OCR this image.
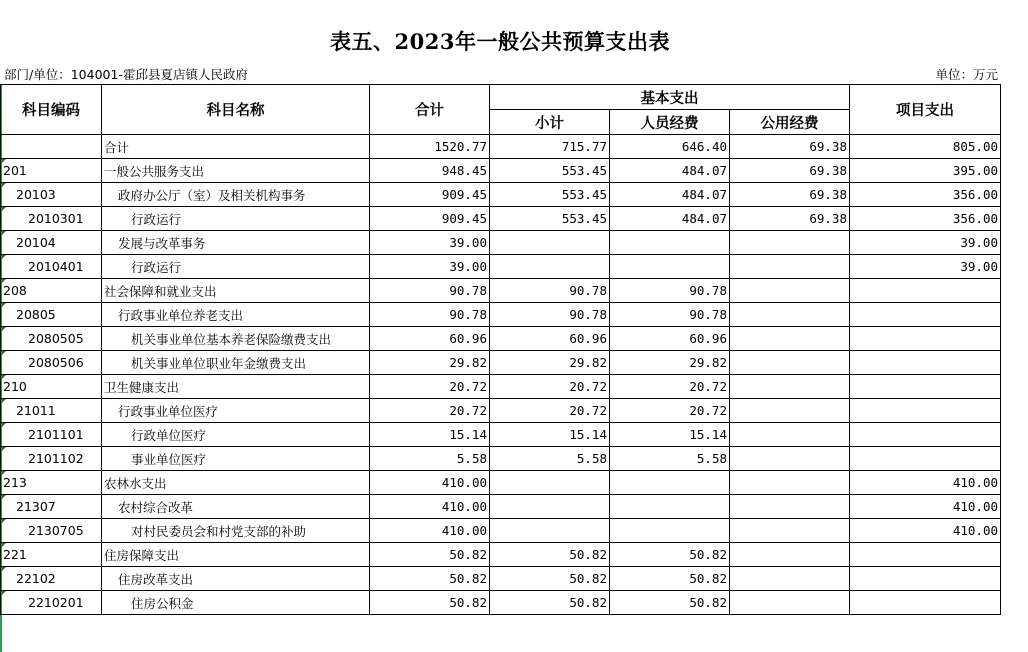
表五、2023年一般公共预算支出表
部门/单位：104001-霍邱县夏店镇人民政府	单位：万元
科目编码	科目名称	合计	基本支出			项目支出
			小计	人员经费	公用经费	
	合计	1520.77	715.77	646.40	69.38	805.00

201	一般公共服务支出	948.45	553.45	484.07	69.38	395.00

20103	政府办公厅（室）及相关机构事务	909.45	553.45	484.07	69.38	356.00

2010301	行政运行	909.45	553.45	484.07	69.38	356.00

20104	发展与改革事务	39.00				39.00

2010401	行政运行	39.00				39.00

208	社会保障和就业支出	90.78	90.78	90.78		

20805	行政事业单位养老支出	90.78	90.78	90.78		

2080505	机关事业单位基本养老保险缴费支出	60.96	60.96	60.96		

2080506	机关事业单位职业年金缴费支出	29.82	29.82	29.82		

210	卫生健康支出	20.72	20.72	20.72		

21011	行政事业单位医疗	20.72	20.72	20.72		

2101101	行政单位医疗	15.14	15.14	15.14		

2101102	事业单位医疗	5.58	5.58	5.58		

213	农林水支出	410.00				410.00

21307	农村综合改革	410.00				410.00

2130705	对村民委员会和村党支部的补助	410.00				410.00

221	住房保障支出	50.82	50.82	50.82		

22102	住房改革支出	50.82	50.82	50.82		

2210201	住房公积金	50.82	50.82	50.82		
